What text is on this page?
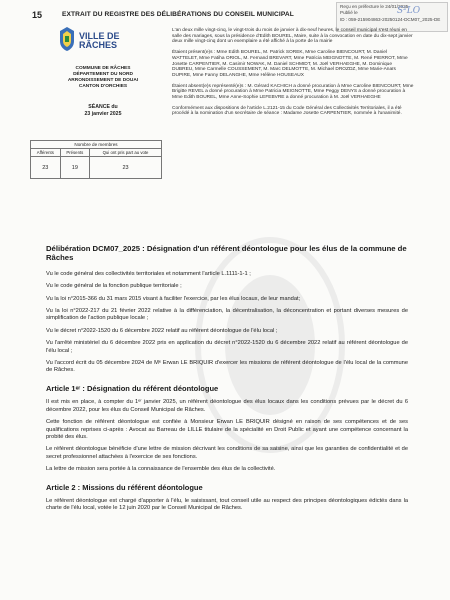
15	EXTRAIT DU REGISTRE DES DÉLIBÉRATIONS DU CONSEIL MUNICIPAL
Reçu en préfecture le 24/01/2025
Publié le
ID : 059-215904863-20250124-DCM07_2025-DE
S²LO
VILLE DE
RÂCHES
COMMUNE DE RÂCHES
DÉPARTEMENT DU NORD
ARRONDISSEMENT DE DOUAI
CANTON D'ORCHIES
SÉANCE du
23 janvier 2025
Nombre de membres		
Afférents	Présents	Qui ont pris part au vote
23	19	23

L'an deux mille vingt-cinq, le vingt-trois du mois de janvier à dix-neuf heures, le conseil municipal s'est réuni en salle des mariages, sous la présidence d'Edith BOUREL, Maire, suite à la convocation en date du dix-sept janvier deux mille vingt-cinq dont un exemplaire a été affiché à la porte de la mairie

Étaient présent(e)s : Mme Edith BOUREL, M. Patrick SOREK, Mme Caroline BIENCOURT, M. Daniel WATTELET, Mme Fatiha ORIOL, M. Fernand BREVART, Mme Patricia MEIGNOTTE, M. René PIERROT, Mme Josette CARPENTIER, M. Casimir NOWAK, M. Daniel SCHMIDT, M. Joël VERHAEGHE, M. Dominique DUBREU, Mme Carmelle COUSSEMENT, M. Marc DELMOTTE, M. Michael DROZDZ, Mme Marie-Anaïs DUPIRE, Mme Fanny DELANGHE, Mme Hélène HOUSEAUX

Étaient absent(e)s représenté(e)s : M. Gérard KACHICH a donné procuration à Mme Caroline BIENCOURT, Mme Brigitte REVEL a donné procuration à Mme Patricia MEIGNOTTE, Mme Peggy DENYS a donné procuration à Mme Edith BOUREL, Mme Anne-Sophie LEFEBVRE a donné procuration à M. Joël VERHAEGHE

Conformément aux dispositions de l'article L.2121-15 du Code Général des Collectivités Territoriales, il a été procédé à la nomination d'un secrétaire de séance : Madame Josette CARPENTIER, nommée à l'unanimité.

Délibération DCM07_2025 : Désignation d'un référent déontologue pour les élus de la commune de Râches

Vu le code général des collectivités territoriales et notamment l'article L.1111-1-1 ;

Vu le code général de la fonction publique territoriale ;

Vu la loi n°2015-366 du 31 mars 2015 visant à faciliter l'exercice, par les élus locaux, de leur mandat;

Vu la loi n°2022-217 du 21 février 2022 relative à la différenciation, la décentralisation, la déconcentration et portant diverses mesures de simplification de l'action publique locale ;

Vu le décret n°2022-1520 du 6 décembre 2022 relatif au référent déontologue de l'élu local ;

Vu l'arrêté ministériel du 6 décembre 2022 pris en application du décret n°2022-1520 du 6 décembre 2022 relatif au référent déontologue de l'élu local ;

Vu l'accord écrit du 05 décembre 2024 de Mᵉ Erwan LE BRIQUIR d'exercer les missions de référent déontologue de l'élu local de la commune de Râches.

Article 1ᵉʳ : Désignation du référent déontologue

Il est mis en place, à compter du 1ᵉʳ janvier 2025, un référent déontologue des élus locaux dans les conditions prévues par le décret du 6 décembre 2022, pour les élus du Conseil Municipal de Râches.

Cette fonction de référent déontologue est confiée à Monsieur Erwan LE BRIQUIR désigné en raison de ses compétences et de ses qualifications reprises ci-après : Avocat au Barreau de LILLE titulaire de la spécialité en Droit Public et ayant une compétence concernant la probité des élus.

Le référent déontologue bénéficie d'une lettre de mission décrivant les conditions de sa saisine, ainsi que les garanties de confidentialité et de secret professionnel attachées à l'exercice de ses fonctions.

La lettre de mission sera portée à la connaissance de l'ensemble des élus de la collectivité.

Article 2 : Missions du référent déontologue

Le référent déontologue est chargé d'apporter à l'élu, le saisissant, tout conseil utile au respect des principes déontologiques édictés dans la charte de l'élu local, votée le 12 juin 2020 par le Conseil Municipal de Râches.
